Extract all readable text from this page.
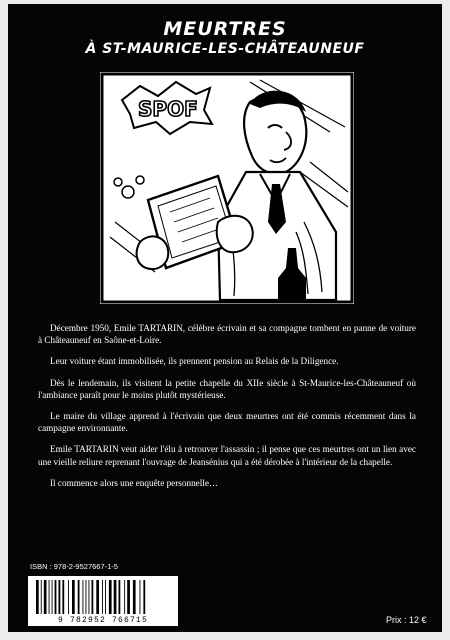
MEURTRES
À ST-MAURICE-LES-CHÂTEAUNEUF
SPOF

Décembre 1950, Emile TARTARIN, célèbre écrivain et sa compagne tombent en panne de voiture à Châteauneuf en Saône-et-Loire.

Leur voiture étant immobilisée, ils prennent pension au Relais de la Diligence.

Dès le lendemain, ils visitent la petite chapelle du XIIe siècle à St-Maurice-les-Châteauneuf où l'ambiance paraît pour le moins plutôt mystérieuse.

Le maire du village apprend à l'écrivain que deux meurtres ont été commis récemment dans la campagne environnante.

Emile TARTARIN veut aider l'élu à retrouver l'assassin ; il pense que ces meurtres ont un lien avec une vieille reliure reprenant l'ouvrage de Jeansénius qui a été dérobée à l'intérieur de la chapelle.

Il commence alors une enquête personnelle…

ISBN : 978-2-9527667-1-5
9 782952 766715	Prix : 12 €
